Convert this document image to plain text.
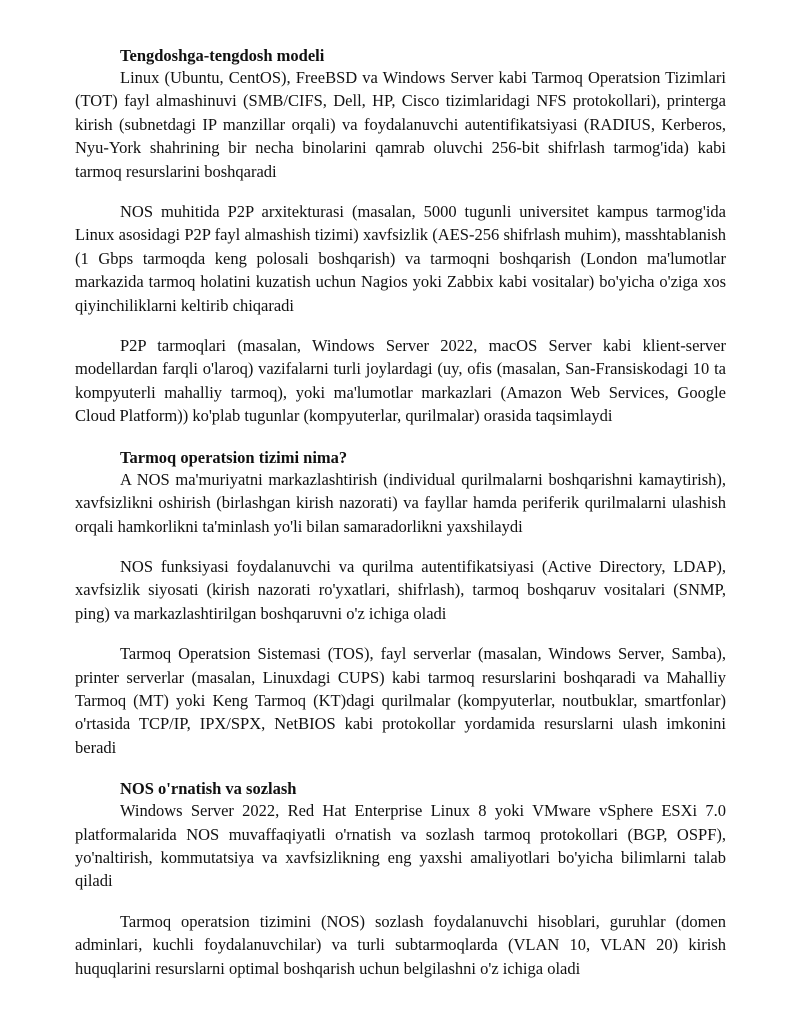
Tengdoshga-tengdosh modeli

Linux (Ubuntu, CentOS), FreeBSD va Windows Server kabi Tarmoq Operatsion Tizimlari (TOT) fayl almashinuvi (SMB/CIFS, Dell, HP, Cisco tizimlaridagi NFS protokollari), printerga kirish (subnetdagi IP manzillar orqali) va foydalanuvchi autentifikatsiyasi (RADIUS, Kerberos, Nyu-York shahrining bir necha binolarini qamrab oluvchi 256-bit shifrlash tarmog'ida) kabi tarmoq resurslarini boshqaradi

NOS muhitida P2P arxitekturasi (masalan, 5000 tugunli universitet kampus tarmog'ida Linux asosidagi P2P fayl almashish tizimi) xavfsizlik (AES-256 shifrlash muhim), masshtablanish (1 Gbps tarmoqda keng polosali boshqarish) va tarmoqni boshqarish (London ma'lumotlar markazida tarmoq holatini kuzatish uchun Nagios yoki Zabbix kabi vositalar) bo'yicha o'ziga xos qiyinchiliklarni keltirib chiqaradi

P2P tarmoqlari (masalan, Windows Server 2022, macOS Server kabi klient-server modellardan farqli o'laroq) vazifalarni turli joylardagi (uy, ofis (masalan, San-Fransiskodagi 10 ta kompyuterli mahalliy tarmoq), yoki ma'lumotlar markazlari (Amazon Web Services, Google Cloud Platform)) ko'plab tugunlar (kompyuterlar, qurilmalar) orasida taqsimlaydi

Tarmoq operatsion tizimi nima?

A NOS ma'muriyatni markazlashtirish (individual qurilmalarni boshqarishni kamaytirish), xavfsizlikni oshirish (birlashgan kirish nazorati) va fayllar hamda periferik qurilmalarni ulashish orqali hamkorlikni ta'minlash yo'li bilan samaradorlikni yaxshilaydi

NOS funksiyasi foydalanuvchi va qurilma autentifikatsiyasi (Active Directory, LDAP), xavfsizlik siyosati (kirish nazorati ro'yxatlari, shifrlash), tarmoq boshqaruv vositalari (SNMP, ping) va markazlashtirilgan boshqaruvni o'z ichiga oladi

Tarmoq Operatsion Sistemasi (TOS), fayl serverlar (masalan, Windows Server, Samba), printer serverlar (masalan, Linuxdagi CUPS) kabi tarmoq resurslarini boshqaradi va Mahalliy Tarmoq (MT) yoki Keng Tarmoq (KT)dagi qurilmalar (kompyuterlar, noutbuklar, smartfonlar) o'rtasida TCP/IP, IPX/SPX, NetBIOS kabi protokollar yordamida resurslarni ulash imkonini beradi

NOS o'rnatish va sozlash

Windows Server 2022, Red Hat Enterprise Linux 8 yoki VMware vSphere ESXi 7.0 platformalarida NOS muvaffaqiyatli o'rnatish va sozlash tarmoq protokollari (BGP, OSPF), yo'naltirish, kommutatsiya va xavfsizlikning eng yaxshi amaliyotlari bo'yicha bilimlarni talab qiladi

Tarmoq operatsion tizimini (NOS) sozlash foydalanuvchi hisoblari, guruhlar (domen adminlari, kuchli foydalanuvchilar) va turli subtarmoqlarda (VLAN 10, VLAN 20) kirish huquqlarini resurslarni optimal boshqarish uchun belgilashni o'z ichiga oladi
